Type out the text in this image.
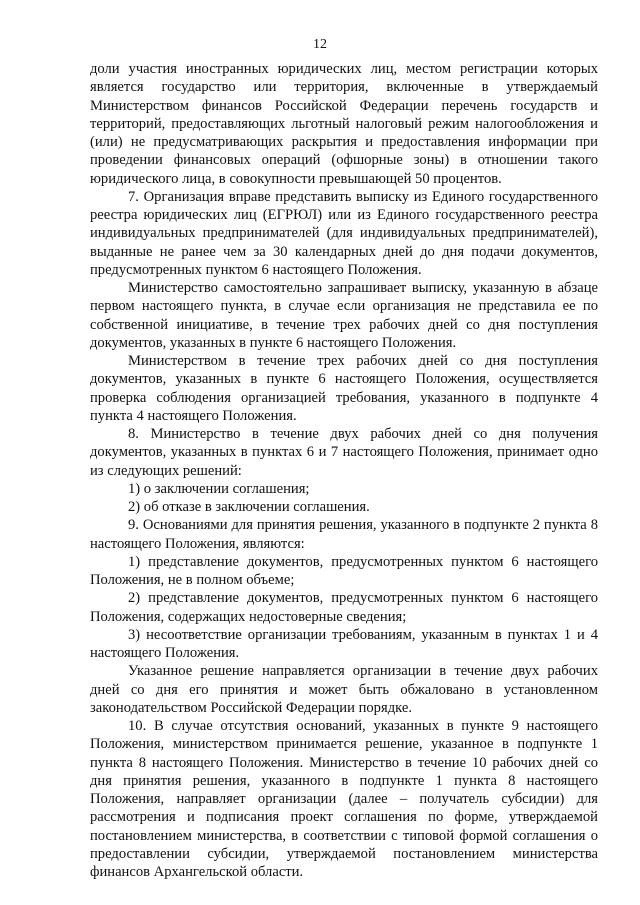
12

доли участия иностранных юридических лиц, местом регистрации которых является государство или территория, включенные в утверждаемый Министерством финансов Российской Федерации перечень государств и территорий, предоставляющих льготный налоговый режим налогообложения и (или) не предусматривающих раскрытия и предоставления информации при проведении финансовых операций (офшорные зоны) в отношении такого юридического лица, в совокупности превышающей 50 процентов.

7. Организация вправе представить выписку из Единого государственного реестра юридических лиц (ЕГРЮЛ) или из Единого государственного реестра индивидуальных предпринимателей (для индивидуальных предпринимателей), выданные не ранее чем за 30 календарных дней до дня подачи документов, предусмотренных пунктом 6 настоящего Положения.

Министерство самостоятельно запрашивает выписку, указанную в абзаце первом настоящего пункта, в случае если организация не представила ее по собственной инициативе, в течение трех рабочих дней со дня поступления документов, указанных в пункте 6 настоящего Положения.

Министерством в течение трех рабочих дней со дня поступления документов, указанных в пункте 6 настоящего Положения, осуществляется проверка соблюдения организацией требования, указанного в подпункте 4 пункта 4 настоящего Положения.

8. Министерство в течение двух рабочих дней со дня получения документов, указанных в пунктах 6 и 7 настоящего Положения, принимает одно из следующих решений:

1) о заключении соглашения;

2) об отказе в заключении соглашения.

9. Основаниями для принятия решения, указанного в подпункте 2 пункта 8 настоящего Положения, являются:

1) представление документов, предусмотренных пунктом 6 настоящего Положения, не в полном объеме;

2) представление документов, предусмотренных пунктом 6 настоящего Положения, содержащих недостоверные сведения;

3) несоответствие организации требованиям, указанным в пунктах 1 и 4 настоящего Положения.

Указанное решение направляется организации в течение двух рабочих дней со дня его принятия и может быть обжаловано в установленном законодательством Российской Федерации порядке.

10. В случае отсутствия оснований, указанных в пункте 9 настоящего Положения, министерством принимается решение, указанное в подпункте 1 пункта 8 настоящего Положения. Министерство в течение 10 рабочих дней со дня принятия решения, указанного в подпункте 1 пункта 8 настоящего Положения, направляет организации (далее – получатель субсидии) для рассмотрения и подписания проект соглашения по форме, утверждаемой постановлением министерства, в соответствии с типовой формой соглашения о предоставлении субсидии, утверждаемой постановлением министерства финансов Архангельской области.
